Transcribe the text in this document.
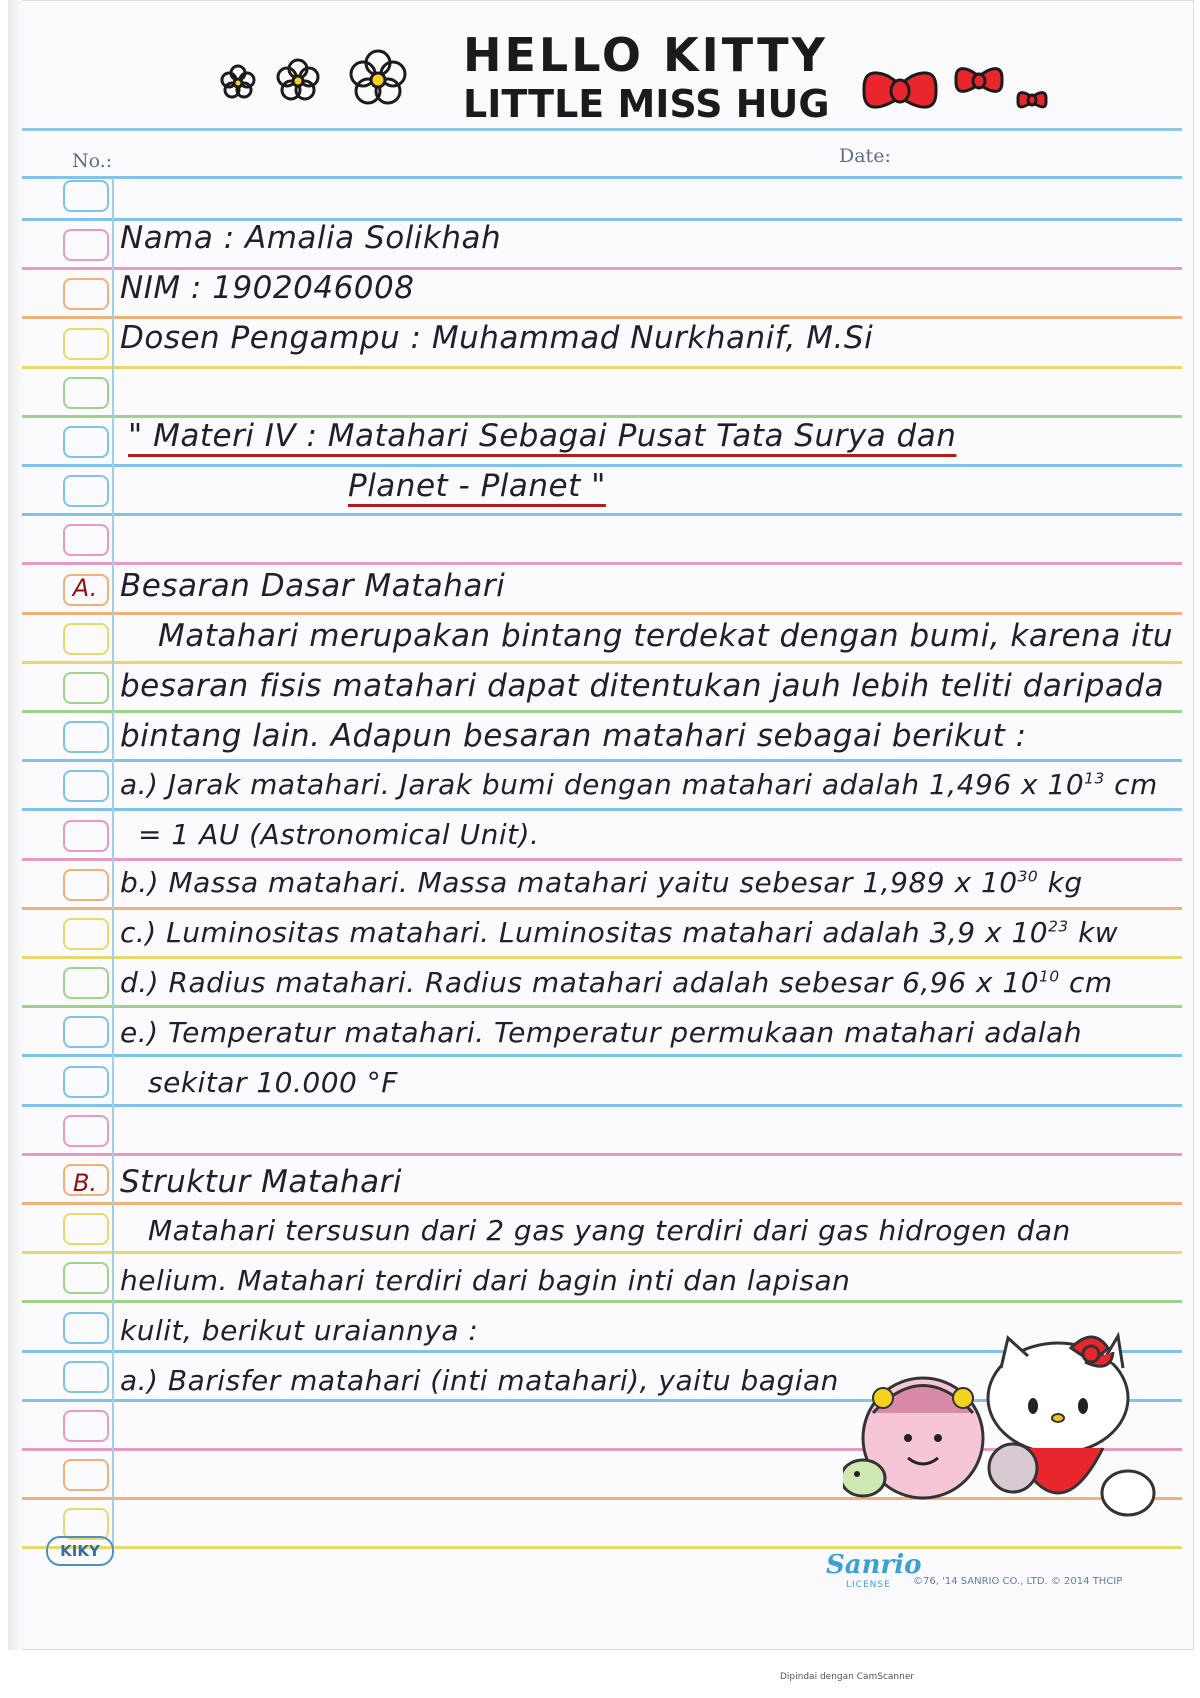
HELLO KITTY
LITTLE MISS HUG
No.:	Date:
Nama : Amalia Solikhah
NIM : 1902046008
Dosen Pengampu : Muhammad Nurkhanif, M.Si
" Materi IV : Matahari Sebagai Pusat Tata Surya dan
Planet - Planet "
A. Besaran Dasar Matahari
Matahari merupakan bintang terdekat dengan bumi, karena itu
besaran fisis matahari dapat ditentukan jauh lebih teliti daripada
bintang lain. Adapun besaran matahari sebagai berikut :
a.) Jarak matahari. Jarak bumi dengan matahari adalah 1,496 x $10^{13}$ cm
= 1 AU (Astronomical Unit).
b.) Massa matahari. Massa matahari yaitu sebesar 1,989 x $10^{30}$ kg
c.) Luminositas matahari. Luminositas matahari adalah 3,9 x $10^{23}$ kw
d.) Radius matahari. Radius matahari adalah sebesar 6,96 x $10^{10}$ cm
e.) Temperatur matahari. Temperatur permukaan matahari adalah
sekitar 10.000 °F
B. Struktur Matahari
Matahari tersusun dari 2 gas yang terdiri dari gas hidrogen dan
helium. Matahari terdiri dari bagin inti dan lapisan
kulit, berikut uraiannya :
a.) Barisfer matahari (inti matahari), yaitu bagian
KIKY	Sanrio
LICENSE ©76, '14 SANRIO CO., LTD. © 2014 THCIP
Dipindai dengan CamScanner
